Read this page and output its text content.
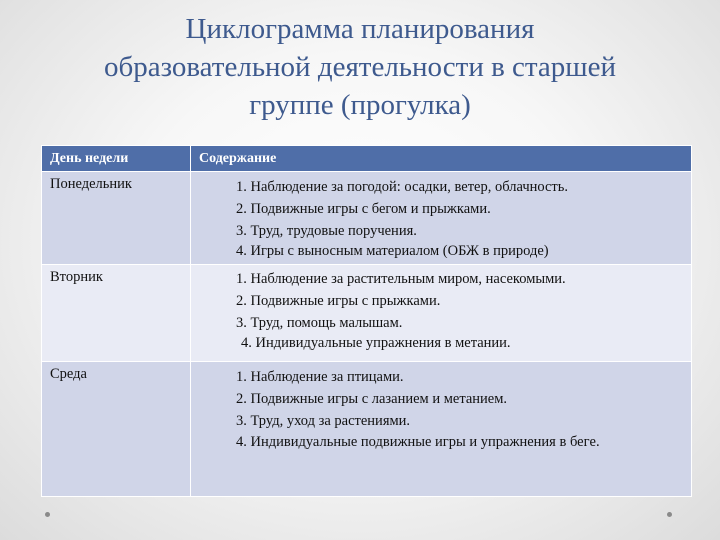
Циклограмма планирования
образовательной деятельности в старшей
группе (прогулка)
День недели	Содержание
Понедельник	1. Наблюдение за погодой: осадки, ветер, облачность.
2. Подвижные игры с бегом и прыжками.
3. Труд, трудовые поручения.
4. Игры с выносным материалом (ОБЖ в природе)

Вторник	1. Наблюдение за растительным миром, насекомыми.
2. Подвижные игры с прыжками.
3. Труд, помощь малышам.
4. Индивидуальные упражнения в метании.

Среда	1. Наблюдение за птицами.
2. Подвижные игры с лазанием и метанием.
3. Труд, уход за растениями.
4. Индивидуальные подвижные игры и упражнения в бегe.
